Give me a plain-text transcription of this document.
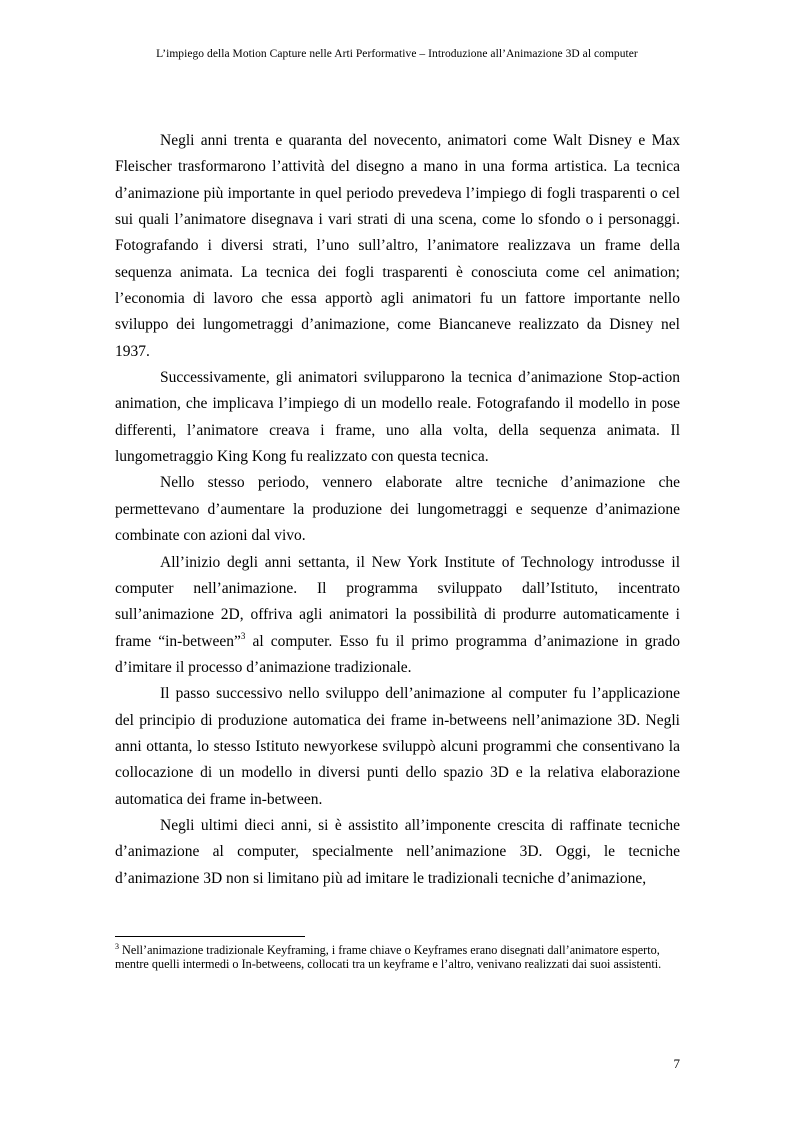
L’impiego della Motion Capture nelle Arti Performative – Introduzione all’Animazione 3D al computer

Negli anni trenta e quaranta del novecento, animatori come Walt Disney e Max Fleischer trasformarono l’attività del disegno a mano in una forma artistica. La tecnica d’animazione più importante in quel periodo prevedeva l’impiego di fogli trasparenti o cel sui quali l’animatore disegnava i vari strati di una scena, come lo sfondo o i personaggi. Fotografando i diversi strati, l’uno sull’altro, l’animatore realizzava un frame della sequenza animata. La tecnica dei fogli trasparenti è conosciuta come cel animation; l’economia di lavoro che essa apportò agli animatori fu un fattore importante nello sviluppo dei lungometraggi d’animazione, come Biancaneve realizzato da Disney nel 1937.

Successivamente, gli animatori svilupparono la tecnica d’animazione Stop-action animation, che implicava l’impiego di un modello reale. Fotografando il modello in pose differenti, l’animatore creava i frame, uno alla volta, della sequenza animata. Il lungometraggio King Kong fu realizzato con questa tecnica.

Nello stesso periodo, vennero elaborate altre tecniche d’animazione che permettevano d’aumentare la produzione dei lungometraggi e sequenze d’animazione combinate con azioni dal vivo.

All’inizio degli anni settanta, il New York Institute of Technology introdusse il computer nell’animazione. Il programma sviluppato dall’Istituto, incentrato sull’animazione 2D, offriva agli animatori la possibilità di produrre automaticamente i frame “in-between”$^3$ al computer. Esso fu il primo programma d’animazione in grado d’imitare il processo d’animazione tradizionale.

Il passo successivo nello sviluppo dell’animazione al computer fu l’applicazione del principio di produzione automatica dei frame in-betweens nell’animazione 3D. Negli anni ottanta, lo stesso Istituto newyorkese sviluppò alcuni programmi che consentivano la collocazione di un modello in diversi punti dello spazio 3D e la relativa elaborazione automatica dei frame in-between.

Negli ultimi dieci anni, si è assistito all’imponente crescita di raffinate tecniche d’animazione al computer, specialmente nell’animazione 3D. Oggi, le tecniche d’animazione 3D non si limitano più ad imitare le tradizionali tecniche d’animazione,

$^3$ Nell’animazione tradizionale Keyframing, i frame chiave o Keyframes erano disegnati dall’animatore esperto, mentre quelli intermedi o In-betweens, collocati tra un keyframe e l’altro, venivano realizzati dai suoi assistenti.

7
